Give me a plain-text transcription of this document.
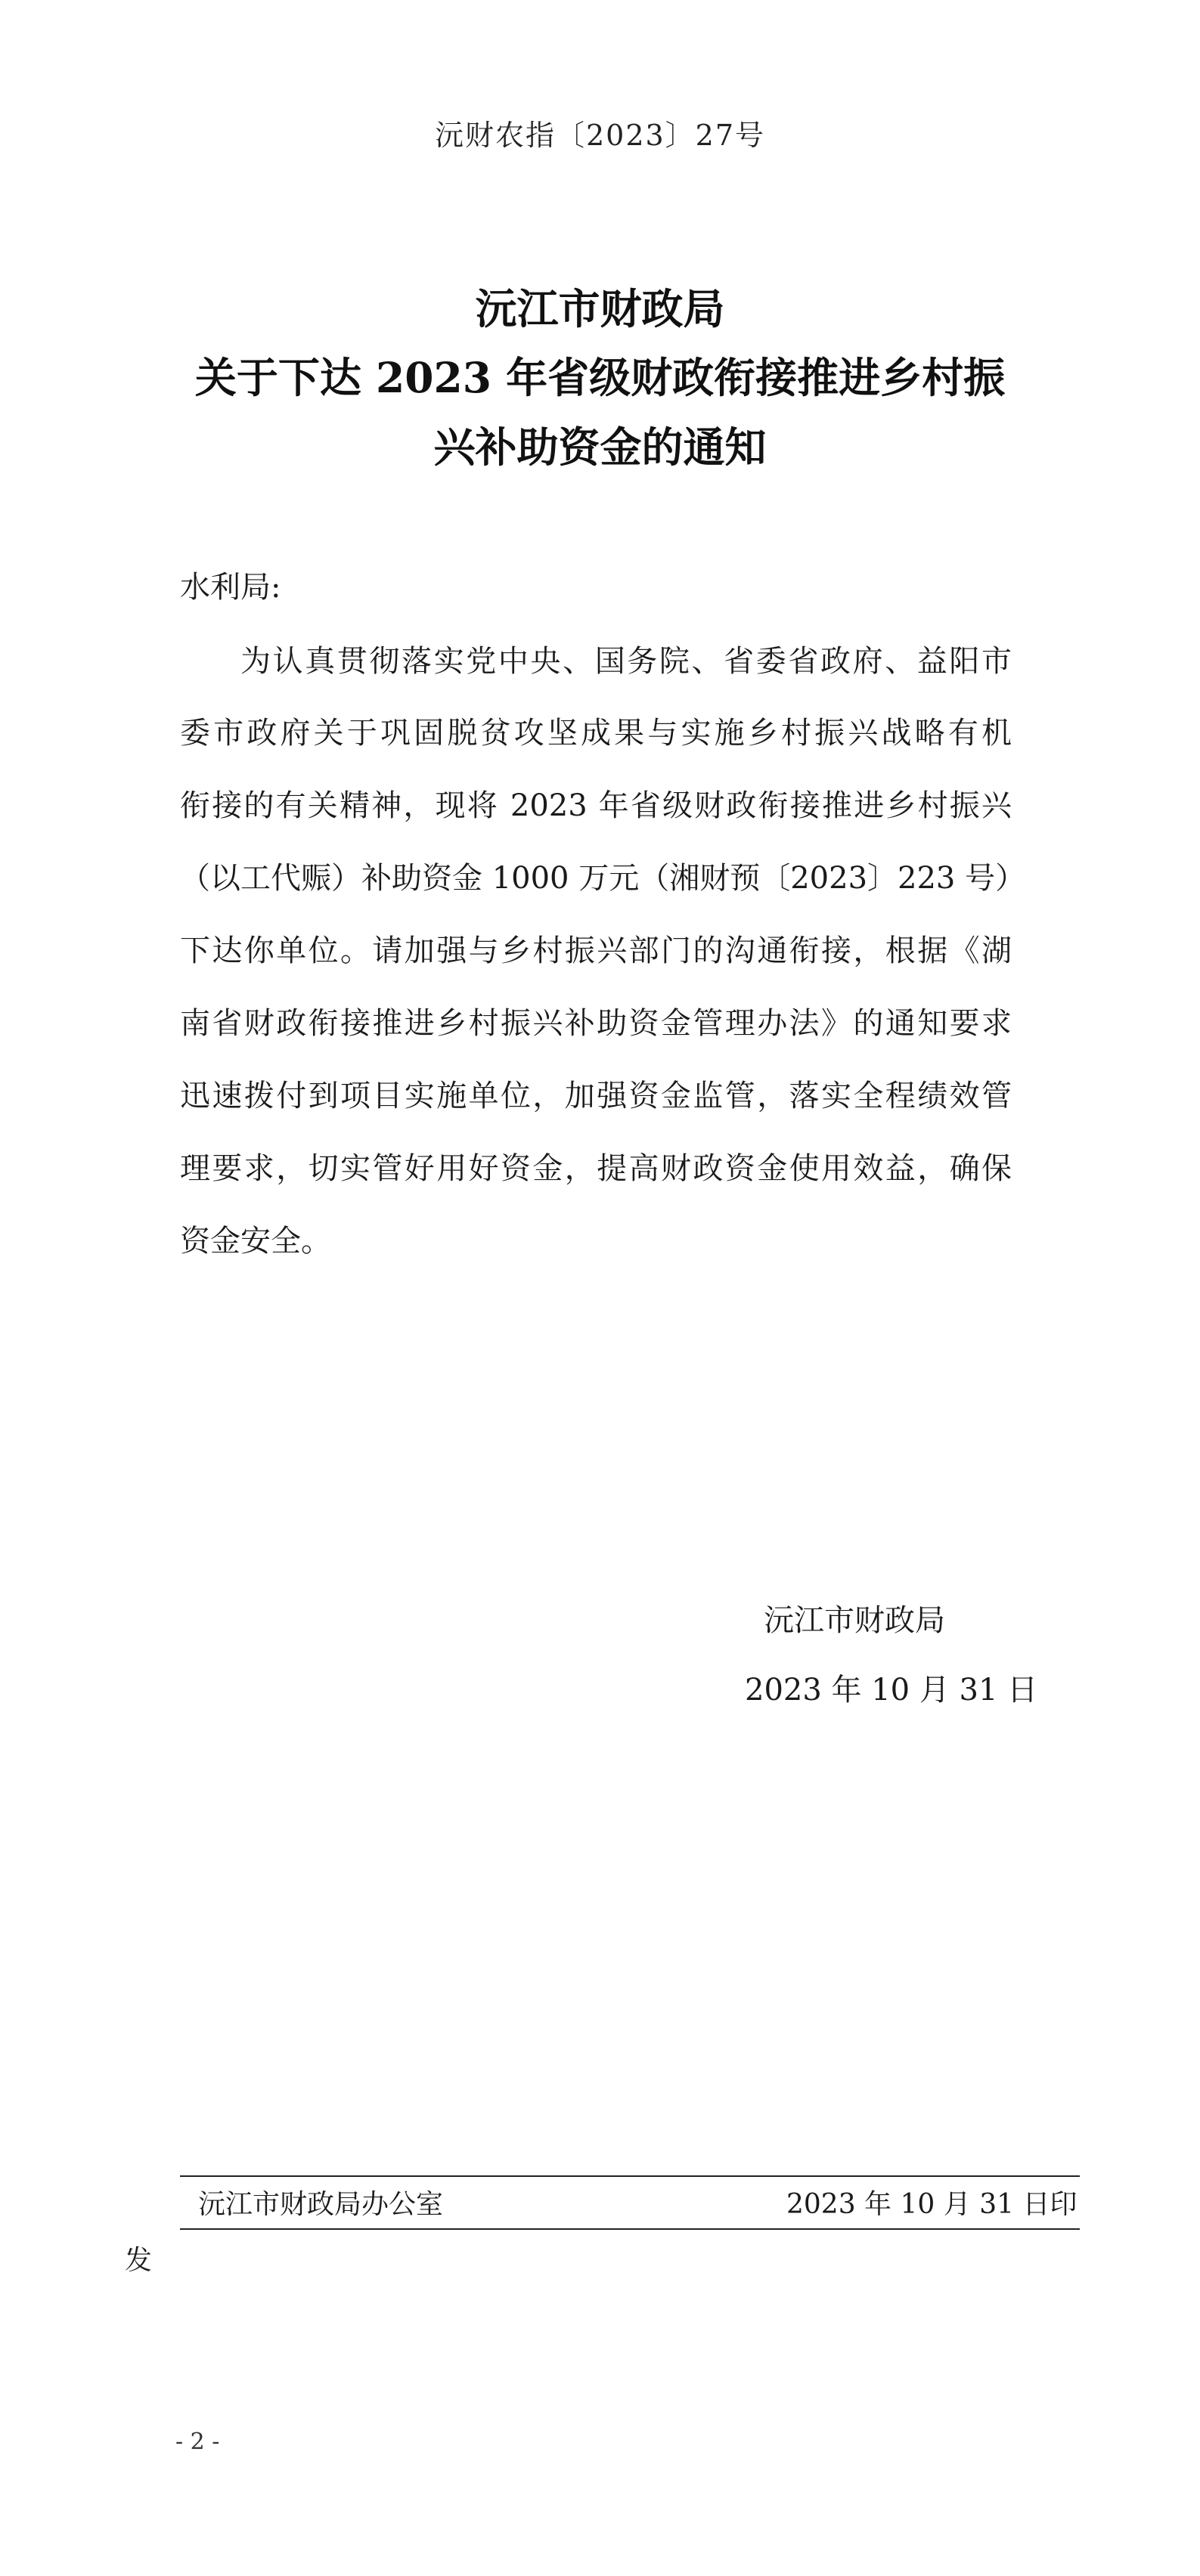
沅财农指〔2023〕27号
沅江市财政局
关于下达 2023 年省级财政衔接推进乡村振
兴补助资金的通知
水利局:
为认真贯彻落实党中央、国务院、省委省政府、益阳市
委市政府关于巩固脱贫攻坚成果与实施乡村振兴战略有机
衔接的有关精神，现将 2023 年省级财政衔接推进乡村振兴
（以工代赈）补助资金 1000 万元（湘财预〔2023〕223 号）
下达你单位。请加强与乡村振兴部门的沟通衔接，根据《湖
南省财政衔接推进乡村振兴补助资金管理办法》的通知要求
迅速拨付到项目实施单位，加强资金监管，落实全程绩效管
理要求，切实管好用好资金，提高财政资金使用效益，确保
资金安全。
沅江市财政局
2023 年 10 月 31 日
沅江市财政局办公室	2023 年 10 月 31 日印
发
- 2 -
